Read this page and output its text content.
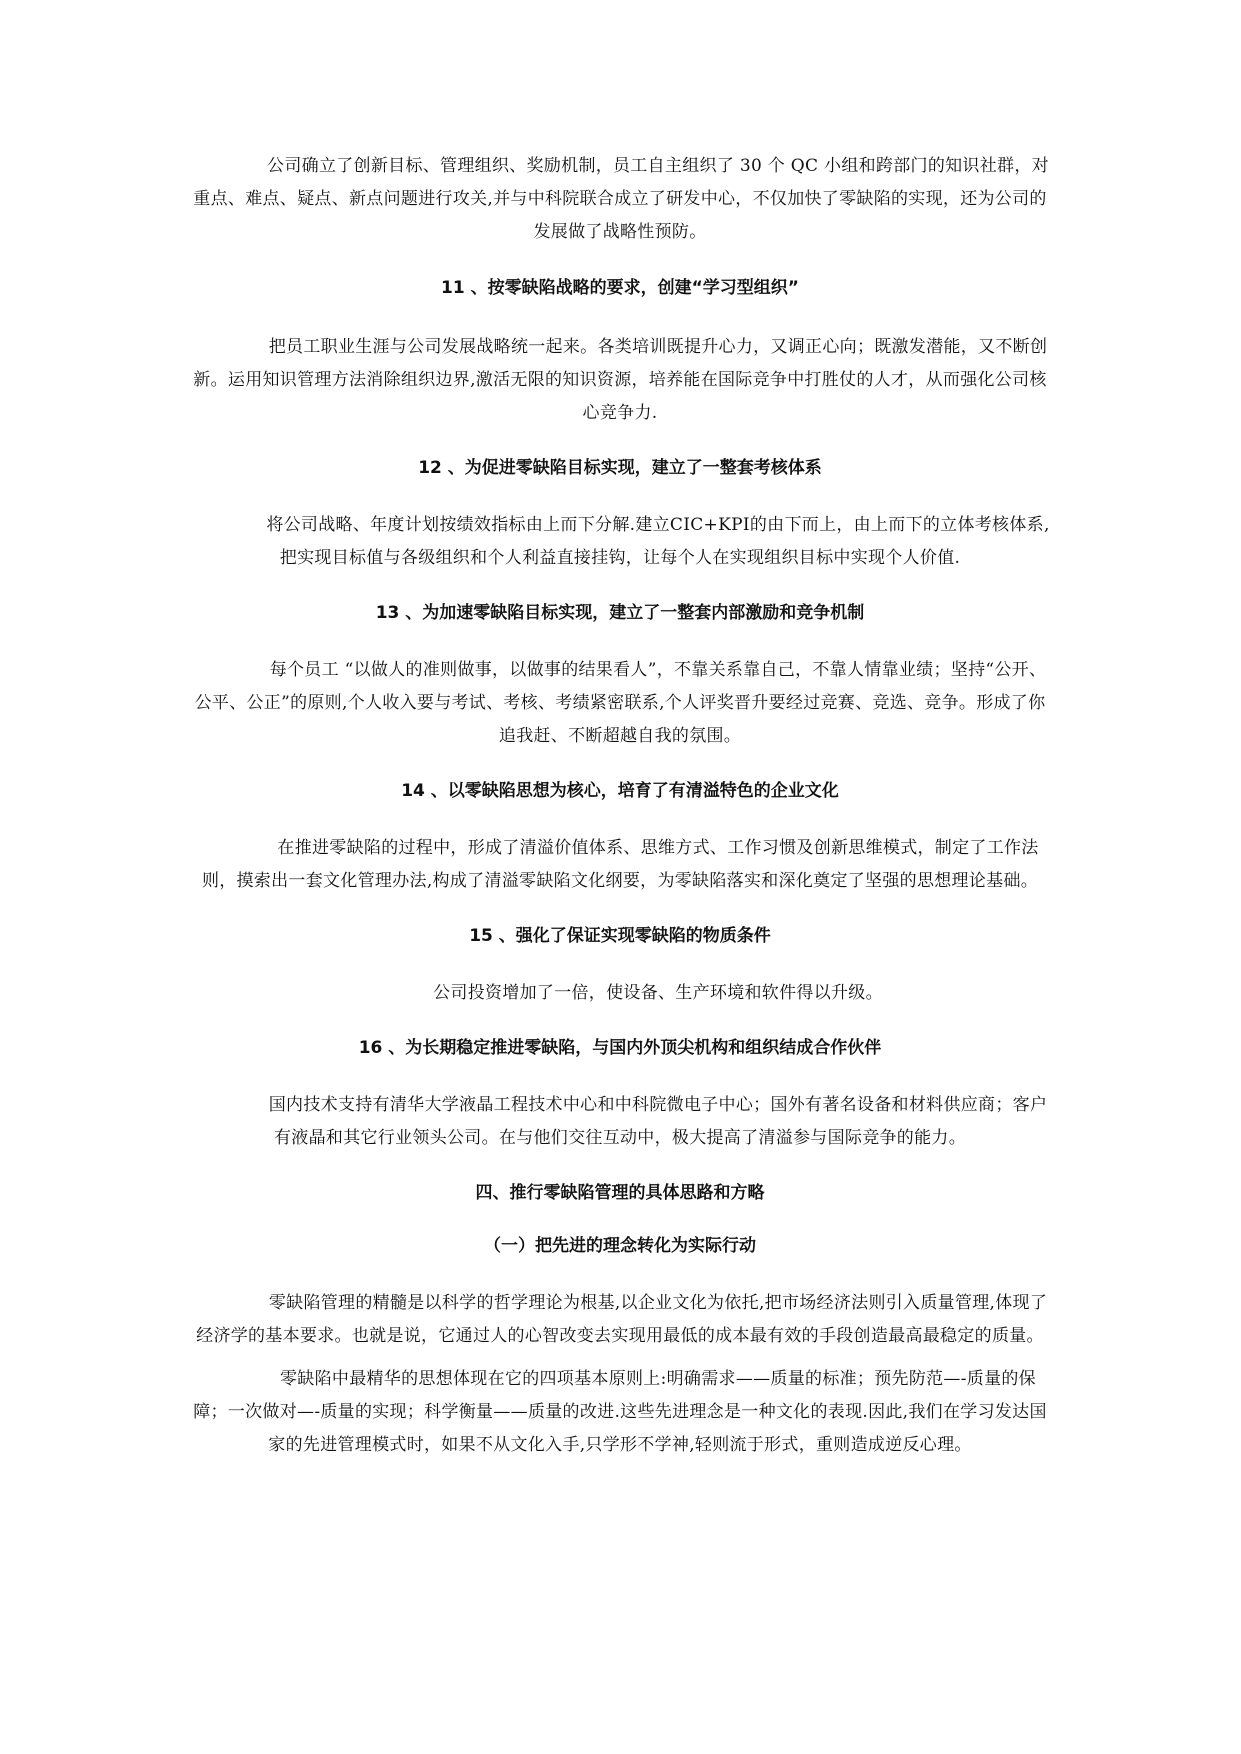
公司确立了创新目标、管理组织、奖励机制，员工自主组织了 30 个 QC 小组和跨部门的知识社群，对重点、难点、疑点、新点问题进行攻关,并与中科院联合成立了研发中心，不仅加快了零缺陷的实现，还为公司的发展做了战略性预防。

11 、按零缺陷战略的要求，创建“学习型组织”

把员工职业生涯与公司发展战略统一起来。各类培训既提升心力，又调正心向；既激发潜能，又不断创新。运用知识管理方法消除组织边界,激活无限的知识资源，培养能在国际竞争中打胜仗的人才，从而强化公司核心竞争力.

12 、为促进零缺陷目标实现，建立了一整套考核体系

将公司战略、年度计划按绩效指标由上而下分解.建立CIC+KPI的由下而上，由上而下的立体考核体系,把实现目标值与各级组织和个人利益直接挂钩，让每个人在实现组织目标中实现个人价值.

13 、为加速零缺陷目标实现，建立了一整套内部激励和竞争机制

每个员工 “以做人的准则做事，以做事的结果看人”，不靠关系靠自己，不靠人情靠业绩；坚持“公开、公平、公正”的原则,个人收入要与考试、考核、考绩紧密联系,个人评奖晋升要经过竞赛、竞选、竞争。形成了你追我赶、不断超越自我的氛围。

14 、以零缺陷思想为核心，培育了有清溢特色的企业文化

在推进零缺陷的过程中，形成了清溢价值体系、思维方式、工作习惯及创新思维模式，制定了工作法则，摸索出一套文化管理办法,构成了清溢零缺陷文化纲要，为零缺陷落实和深化奠定了坚强的思想理论基础。

15 、强化了保证实现零缺陷的物质条件

公司投资增加了一倍，使设备、生产环境和软件得以升级。

16 、为长期稳定推进零缺陷，与国内外顶尖机构和组织结成合作伙伴

国内技术支持有清华大学液晶工程技术中心和中科院微电子中心；国外有著名设备和材料供应商；客户有液晶和其它行业领头公司。在与他们交往互动中，极大提高了清溢参与国际竞争的能力。

四、推行零缺陷管理的具体思路和方略

（一）把先进的理念转化为实际行动

零缺陷管理的精髓是以科学的哲学理论为根基,以企业文化为依托,把市场经济法则引入质量管理,体现了经济学的基本要求。也就是说，它通过人的心智改变去实现用最低的成本最有效的手段创造最高最稳定的质量。

零缺陷中最精华的思想体现在它的四项基本原则上:明确需求——质量的标准；预先防范—-质量的保障；一次做对—-质量的实现；科学衡量——质量的改进.这些先进理念是一种文化的表现.因此,我们在学习发达国家的先进管理模式时，如果不从文化入手,只学形不学神,轻则流于形式，重则造成逆反心理。
